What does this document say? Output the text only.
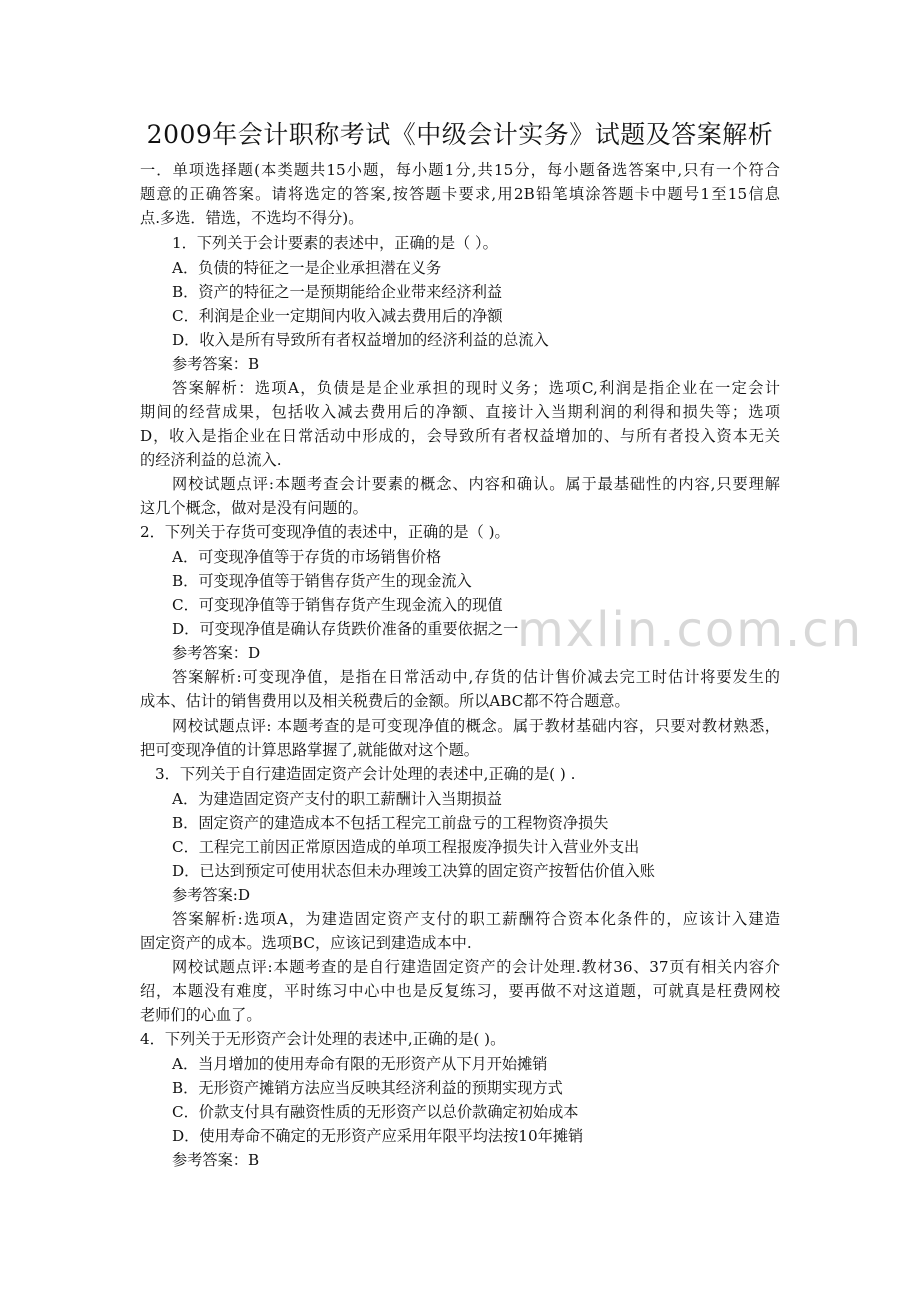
2009年会计职称考试《中级会计实务》试题及答案解析
mxlin.com.cn
一．单项选择题(本类题共15小题，每小题1分,共15分，每小题备选答案中,只有一个符合
题意的正确答案。请将选定的答案,按答题卡要求,用2B铅笔填涂答题卡中题号1至15信息
点.多选．错选，不选均不得分)。
1．下列关于会计要素的表述中，正确的是（ ）。
A．负债的特征之一是企业承担潜在义务
B．资产的特征之一是预期能给企业带来经济利益
C．利润是企业一定期间内收入减去费用后的净额
D．收入是所有导致所有者权益增加的经济利益的总流入
参考答案：B
答案解析：选项A，负债是是企业承担的现时义务；选项C,利润是指企业在一定会计
期间的经营成果，包括收入减去费用后的净额、直接计入当期利润的利得和损失等；选项
D，收入是指企业在日常活动中形成的，会导致所有者权益增加的、与所有者投入资本无关
的经济利益的总流入.
网校试题点评:本题考查会计要素的概念、内容和确认。属于最基础性的内容,只要理解
这几个概念，做对是没有问题的。
2．下列关于存货可变现净值的表述中，正确的是（ )。
A．可变现净值等于存货的市场销售价格
B．可变现净值等于销售存货产生的现金流入
C．可变现净值等于销售存货产生现金流入的现值
D．可变现净值是确认存货跌价准备的重要依据之一
参考答案：D
答案解析:可变现净值，是指在日常活动中,存货的估计售价减去完工时估计将要发生的
成本、估计的销售费用以及相关税费后的金额。所以ABC都不符合题意。
网校试题点评: 本题考查的是可变现净值的概念。属于教材基础内容，只要对教材熟悉，
把可变现净值的计算思路掌握了,就能做对这个题。
3．下列关于自行建造固定资产会计处理的表述中,正确的是( ) .
A．为建造固定资产支付的职工薪酬计入当期损益
B．固定资产的建造成本不包括工程完工前盘亏的工程物资净损失
C．工程完工前因正常原因造成的单项工程报废净损失计入营业外支出
D．已达到预定可使用状态但未办理竣工决算的固定资产按暂估价值入账
参考答案:D
答案解析:选项A，为建造固定资产支付的职工薪酬符合资本化条件的，应该计入建造
固定资产的成本。选项BC，应该记到建造成本中.
网校试题点评:本题考查的是自行建造固定资产的会计处理.教材36、37页有相关内容介
绍，本题没有难度，平时练习中心中也是反复练习，要再做不对这道题，可就真是枉费网校
老师们的心血了。
4．下列关于无形资产会计处理的表述中,正确的是( )。
A．当月增加的使用寿命有限的无形资产从下月开始摊销
B．无形资产摊销方法应当反映其经济利益的预期实现方式
C．价款支付具有融资性质的无形资产以总价款确定初始成本
D．使用寿命不确定的无形资产应采用年限平均法按10年摊销
参考答案：B
